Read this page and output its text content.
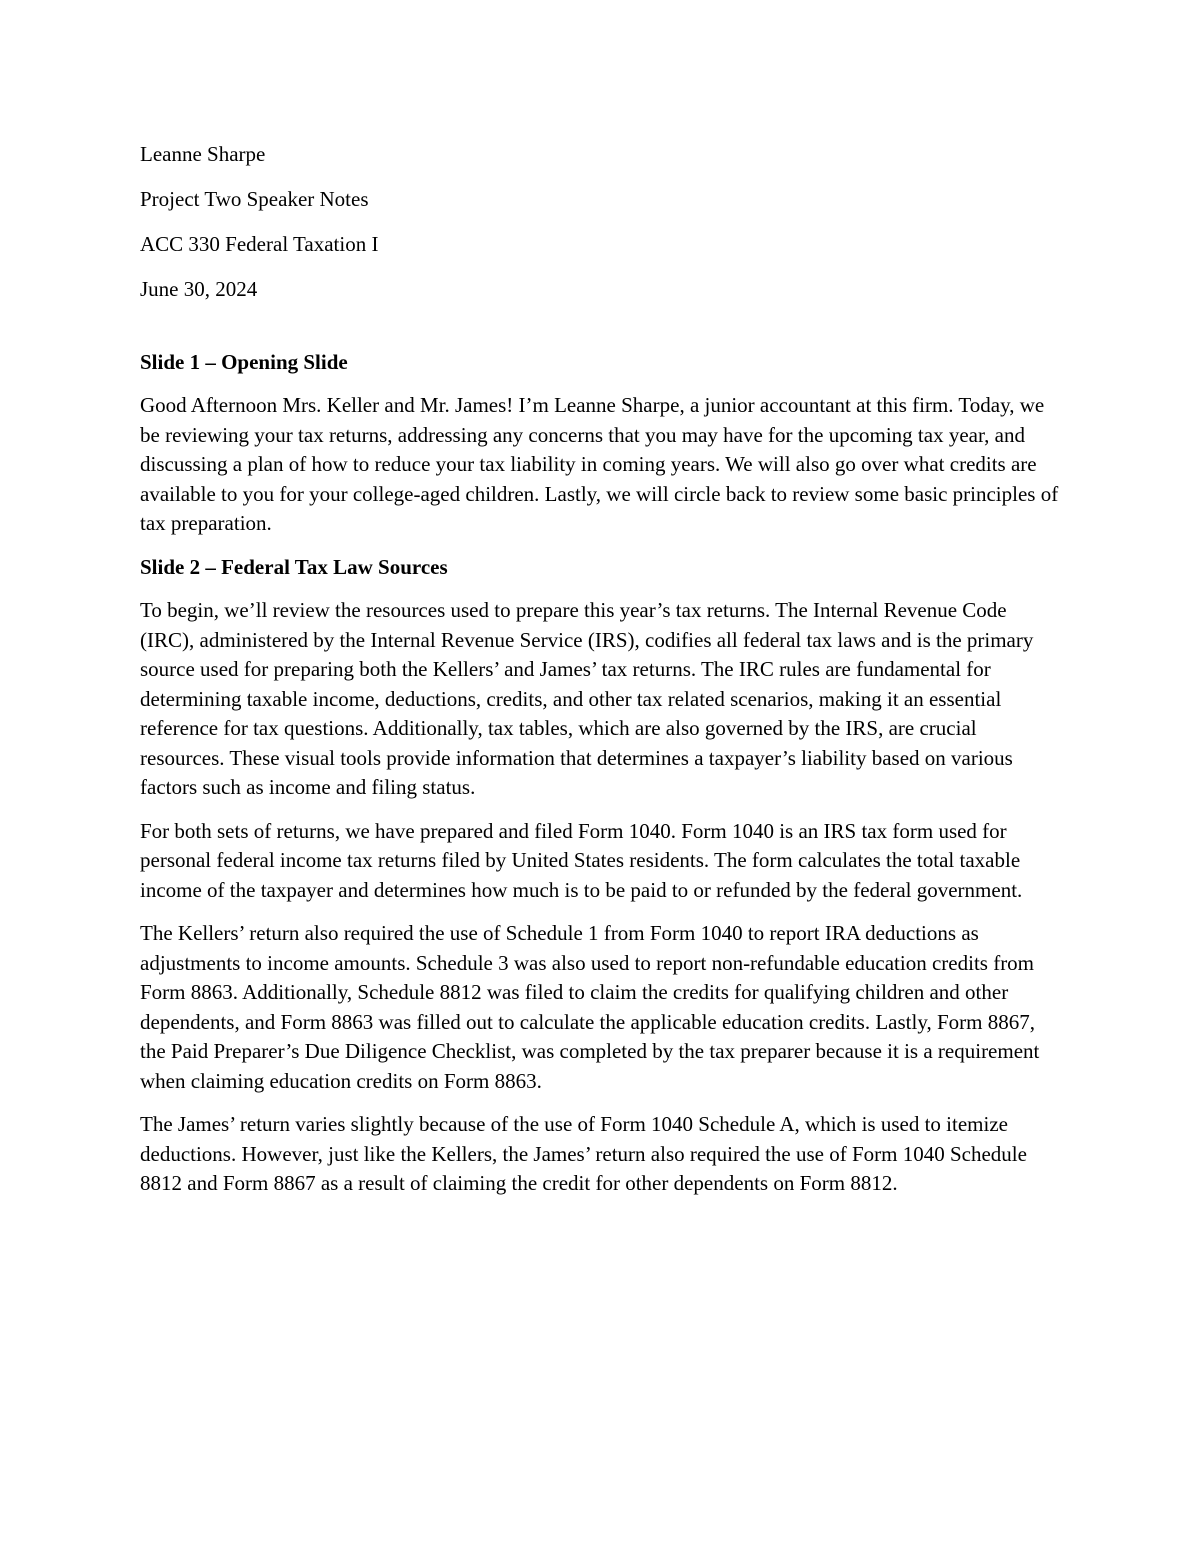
Leanne Sharpe

Project Two Speaker Notes

ACC 330 Federal Taxation I

June 30, 2024

Slide 1 – Opening Slide

Good Afternoon Mrs. Keller and Mr. James! I’m Leanne Sharpe, a junior accountant at this firm. Today, we be reviewing your tax returns, addressing any concerns that you may have for the upcoming tax year, and discussing a plan of how to reduce your tax liability in coming years. We will also go over what credits are available to you for your college-aged children. Lastly, we will circle back to review some basic principles of tax preparation.

Slide 2 – Federal Tax Law Sources

To begin, we’ll review the resources used to prepare this year’s tax returns. The Internal Revenue Code (IRC), administered by the Internal Revenue Service (IRS), codifies all federal tax laws and is the primary source used for preparing both the Kellers’ and James’ tax returns. The IRC rules are fundamental for determining taxable income, deductions, credits, and other tax related scenarios, making it an essential reference for tax questions. Additionally, tax tables, which are also governed by the IRS, are crucial resources. These visual tools provide information that determines a taxpayer’s liability based on various factors such as income and filing status.

For both sets of returns, we have prepared and filed Form 1040. Form 1040 is an IRS tax form used for personal federal income tax returns filed by United States residents. The form calculates the total taxable income of the taxpayer and determines how much is to be paid to or refunded by the federal government.

The Kellers’ return also required the use of Schedule 1 from Form 1040 to report IRA deductions as adjustments to income amounts. Schedule 3 was also used to report non-refundable education credits from Form 8863. Additionally, Schedule 8812 was filed to claim the credits for qualifying children and other dependents, and Form 8863 was filled out to calculate the applicable education credits. Lastly, Form 8867, the Paid Preparer’s Due Diligence Checklist, was completed by the tax preparer because it is a requirement when claiming education credits on Form 8863.

The James’ return varies slightly because of the use of Form 1040 Schedule A, which is used to itemize deductions. However, just like the Kellers, the James’ return also required the use of Form 1040 Schedule 8812 and Form 8867 as a result of claiming the credit for other dependents on Form 8812.
